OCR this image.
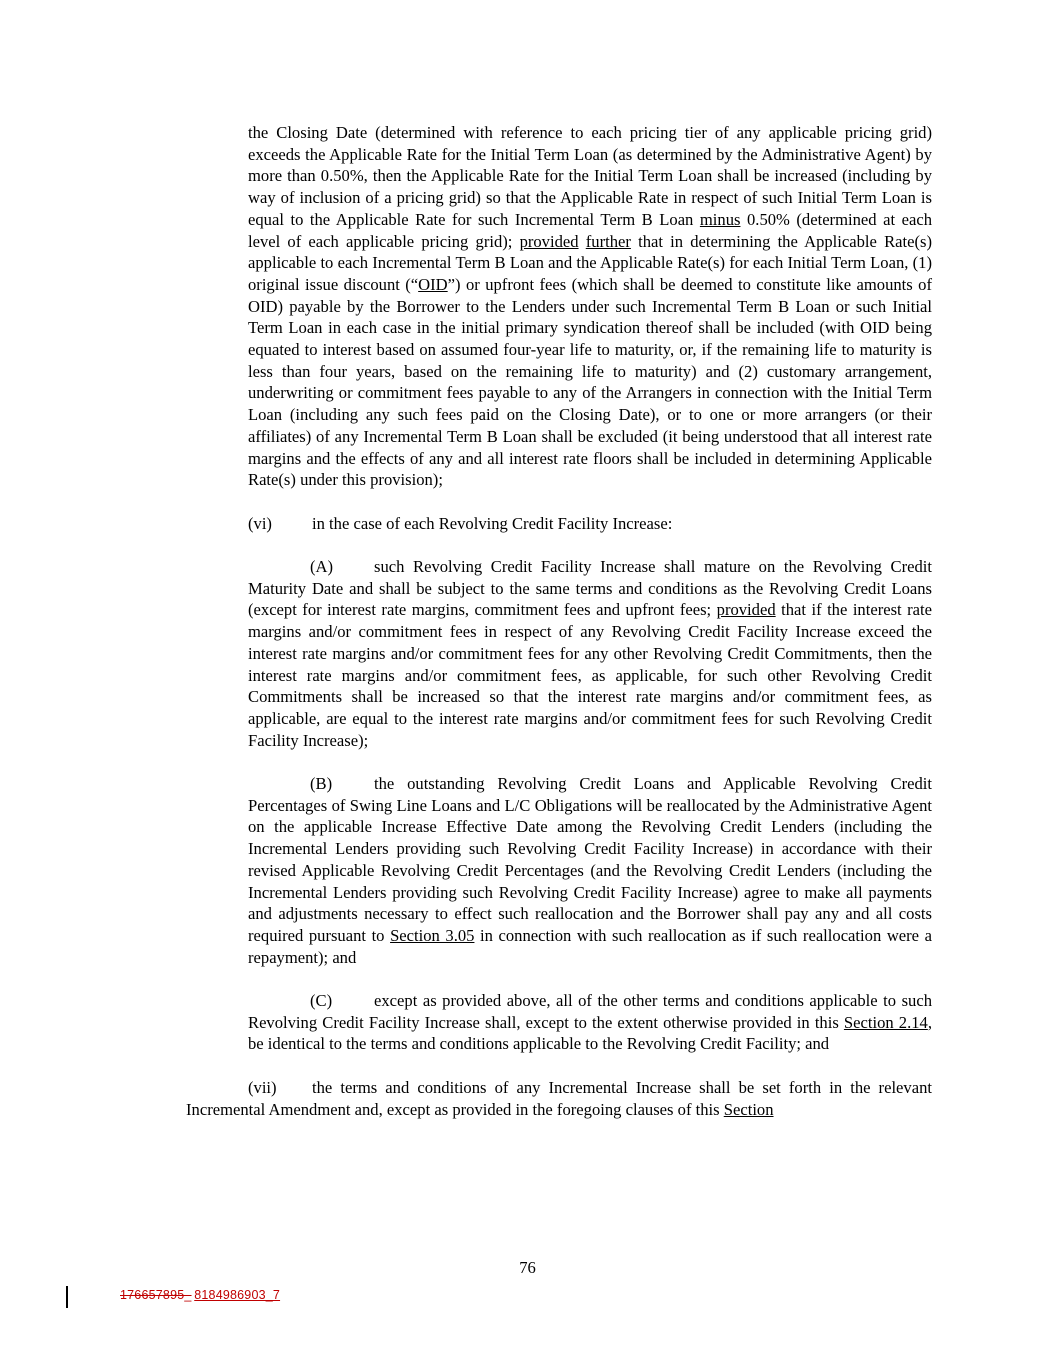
the Closing Date (determined with reference to each pricing tier of any applicable pricing grid) exceeds the Applicable Rate for the Initial Term Loan (as determined by the Administrative Agent) by more than 0.50%, then the Applicable Rate for the Initial Term Loan shall be increased (including by way of inclusion of a pricing grid) so that the Applicable Rate in respect of such Initial Term Loan is equal to the Applicable Rate for such Incremental Term B Loan minus 0.50% (determined at each level of each applicable pricing grid); provided further that in determining the Applicable Rate(s) applicable to each Incremental Term B Loan and the Applicable Rate(s) for each Initial Term Loan, (1) original issue discount (“OID”) or upfront fees (which shall be deemed to constitute like amounts of OID) payable by the Borrower to the Lenders under such Incremental Term B Loan or such Initial Term Loan in each case in the initial primary syndication thereof shall be included (with OID being equated to interest based on assumed four-year life to maturity, or, if the remaining life to maturity is less than four years, based on the remaining life to maturity) and (2) customary arrangement, underwriting or commitment fees payable to any of the Arrangers in connection with the Initial Term Loan (including any such fees paid on the Closing Date), or to one or more arrangers (or their affiliates) of any Incremental Term B Loan shall be excluded (it being understood that all interest rate margins and the effects of any and all interest rate floors shall be included in determining Applicable Rate(s) under this provision);

(vi) in the case of each Revolving Credit Facility Increase:

(A) such Revolving Credit Facility Increase shall mature on the Revolving Credit Maturity Date and shall be subject to the same terms and conditions as the Revolving Credit Loans (except for interest rate margins, commitment fees and upfront fees; provided that if the interest rate margins and/or commitment fees in respect of any Revolving Credit Facility Increase exceed the interest rate margins and/or commitment fees for any other Revolving Credit Commitments, then the interest rate margins and/or commitment fees, as applicable, for such other Revolving Credit Commitments shall be increased so that the interest rate margins and/or commitment fees, as applicable, are equal to the interest rate margins and/or commitment fees for such Revolving Credit Facility Increase);

(B)	the outstanding Revolving Credit Loans and Applicable Revolving Credit Percentages of Swing Line Loans and L/C Obligations will be reallocated by the Administrative Agent on the applicable Increase Effective Date among the Revolving Credit Lenders (including the Incremental Lenders providing such Revolving Credit Facility Increase) in accordance with their revised Applicable Revolving Credit Percentages (and the Revolving Credit Lenders (including the Incremental Lenders providing such Revolving Credit Facility Increase) agree to make all payments and adjustments necessary to effect such reallocation and the Borrower shall pay any and all costs required pursuant to Section 3.05 in connection with such reallocation as if such reallocation were a repayment); and

(C)	except as provided above, all of the other terms and conditions applicable to such Revolving Credit Facility Increase shall, except to the extent otherwise provided in this Section 2.14, be identical to the terms and conditions applicable to the Revolving Credit Facility; and

(vii) the terms and conditions of any Incremental Increase shall be set forth in the relevant Incremental Amendment and, except as provided in the foregoing clauses of this Section

76
176657895_  8184986903_7
